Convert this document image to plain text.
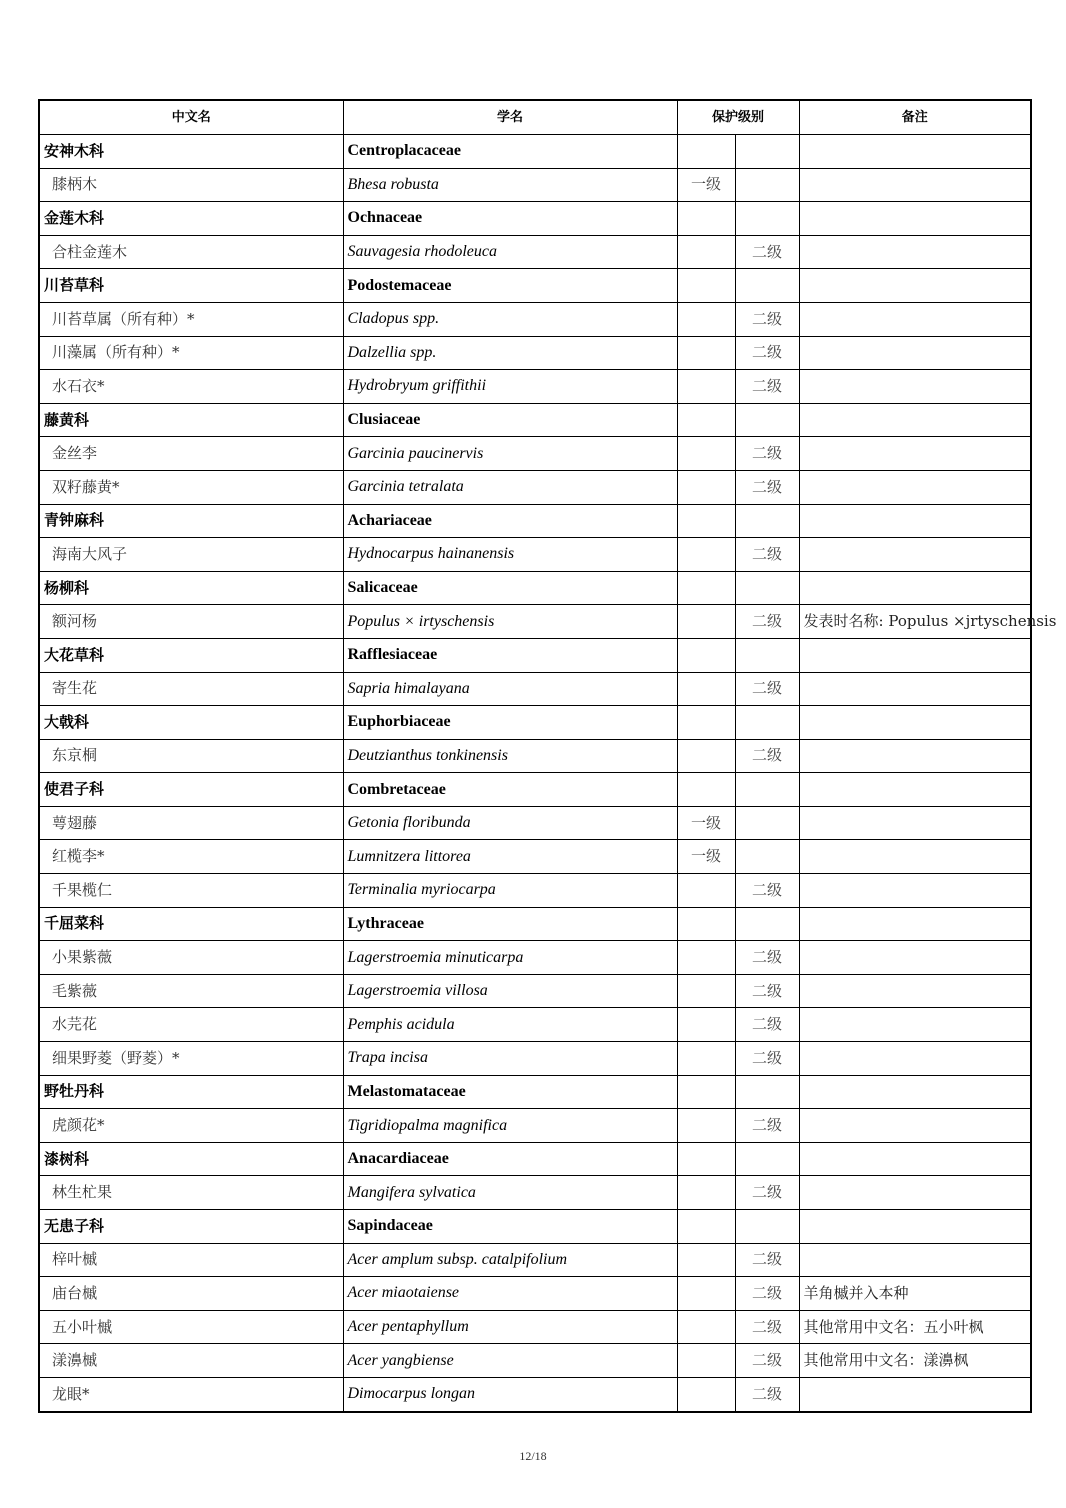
中文名	学名	保护级别		备注
安神木科	Centroplacaceae			
膝柄木	Bhesa robusta	一级		
金莲木科	Ochnaceae			
合柱金莲木	Sauvagesia rhodoleuca		二级	
川苔草科	Podostemaceae			
川苔草属（所有种）*	Cladopus spp.		二级	
川藻属（所有种）*	Dalzellia spp.		二级	
水石衣*	Hydrobryum griffithii		二级	
藤黄科	Clusiaceae			
金丝李	Garcinia paucinervis		二级	
双籽藤黄*	Garcinia tetralata		二级	
青钟麻科	Achariaceae			
海南大风子	Hydnocarpus hainanensis		二级	
杨柳科	Salicaceae			
额河杨	Populus × irtyschensis		二级	发表时名称: Populus ×jrtyschensis
大花草科	Rafflesiaceae			
寄生花	Sapria himalayana		二级	
大戟科	Euphorbiaceae			
东京桐	Deutzianthus tonkinensis		二级	
使君子科	Combretaceae			
萼翅藤	Getonia floribunda	一级		
红榄李*	Lumnitzera littorea	一级		
千果榄仁	Terminalia myriocarpa		二级	
千屈菜科	Lythraceae			
小果紫薇	Lagerstroemia minuticarpa		二级	
毛紫薇	Lagerstroemia villosa		二级	
水芫花	Pemphis acidula		二级	
细果野菱（野菱）*	Trapa incisa		二级	
野牡丹科	Melastomataceae			
虎颜花*	Tigridiopalma magnifica		二级	
漆树科	Anacardiaceae			
林生杧果	Mangifera sylvatica		二级	
无患子科	Sapindaceae			
梓叶槭	Acer amplum subsp. catalpifolium		二级	
庙台槭	Acer miaotaiense		二级	羊角槭并入本种
五小叶槭	Acer pentaphyllum		二级	其他常用中文名：五小叶枫
漾濞槭	Acer yangbiense		二级	其他常用中文名：漾濞枫
龙眼*	Dimocarpus longan		二级	
12/18
